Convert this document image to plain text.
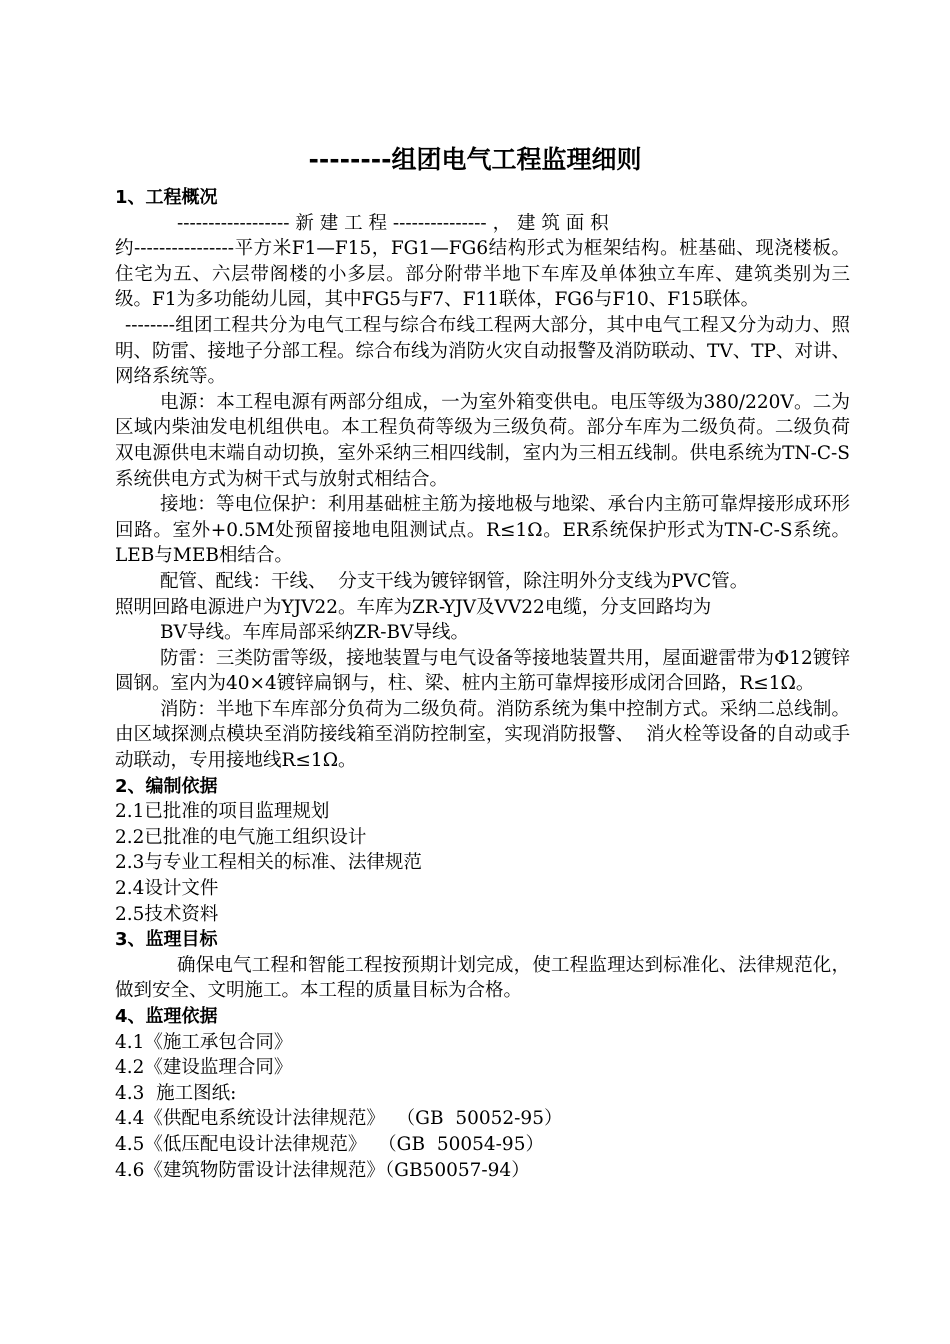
--------组团电气工程监理细则

1、工程概况

------------------ 新 建 工 程 --------------- ， 建 筑 面 积

约----------------平方米F1—F15，FG1—FG6结构形式为框架结构。桩基础、现浇楼板。住宅为五、六层带阁楼的小多层。部分附带半地下车库及单体独立车库、建筑类别为三级。F1为多功能幼儿园，其中FG5与F7、F11联体，FG6与F10、F15联体。

--------组团工程共分为电气工程与综合布线工程两大部分，其中电气工程又分为动力、照明、防雷、接地子分部工程。综合布线为消防火灾自动报警及消防联动、TV、TP、对讲、网络系统等。

电源：本工程电源有两部分组成，一为室外箱变供电。电压等级为380/220V。二为区域内柴油发电机组供电。本工程负荷等级为三级负荷。部分车库为二级负荷。二级负荷双电源供电末端自动切换，室外采纳三相四线制，室内为三相五线制。供电系统为TN-C-S系统供电方式为树干式与放射式相结合。

接地：等电位保护：利用基础桩主筋为接地极与地梁、承台内主筋可靠焊接形成环形回路。室外+0.5M处预留接地电阻测试点。R≤1Ω。ER系统保护形式为TN-C-S系统。LEB与MEB相结合。

配管、配线：干线、  分支干线为镀锌钢管，除注明外分支线为PVC管。

照明回路电源进户为YJV22。车库为ZR-YJV及VV22电缆，分支回路均为

BV导线。车库局部采纳ZR-BV导线。

防雷：三类防雷等级，接地装置与电气设备等接地装置共用，屋面避雷带为Φ12镀锌圆钢。室内为40×4镀锌扁钢与，柱、梁、桩内主筋可靠焊接形成闭合回路，R≤1Ω。

消防：半地下车库部分负荷为二级负荷。消防系统为集中控制方式。采纳二总线制。由区域探测点模块至消防接线箱至消防控制室，实现消防报警、  消火栓等设备的自动或手动联动，专用接地线R≤1Ω。

2、编制依据

2.1已批准的项目监理规划

2.2已批准的电气施工组织设计

2.3与专业工程相关的标准、法律规范

2.4设计文件

2.5技术资料

3、监理目标

确保电气工程和智能工程按预期计划完成，使工程监理达到标准化、法律规范化，做到安全、文明施工。本工程的质量目标为合格。

4、监理依据

4.1《施工承包合同》

4.2《建设监理合同》

4.3  施工图纸:

4.4《供配电系统设计法律规范》  （GB  50052-95）

4.5《低压配电设计法律规范》  （GB  50054-95）

4.6《建筑物防雷设计法律规范》（GB50057-94）
